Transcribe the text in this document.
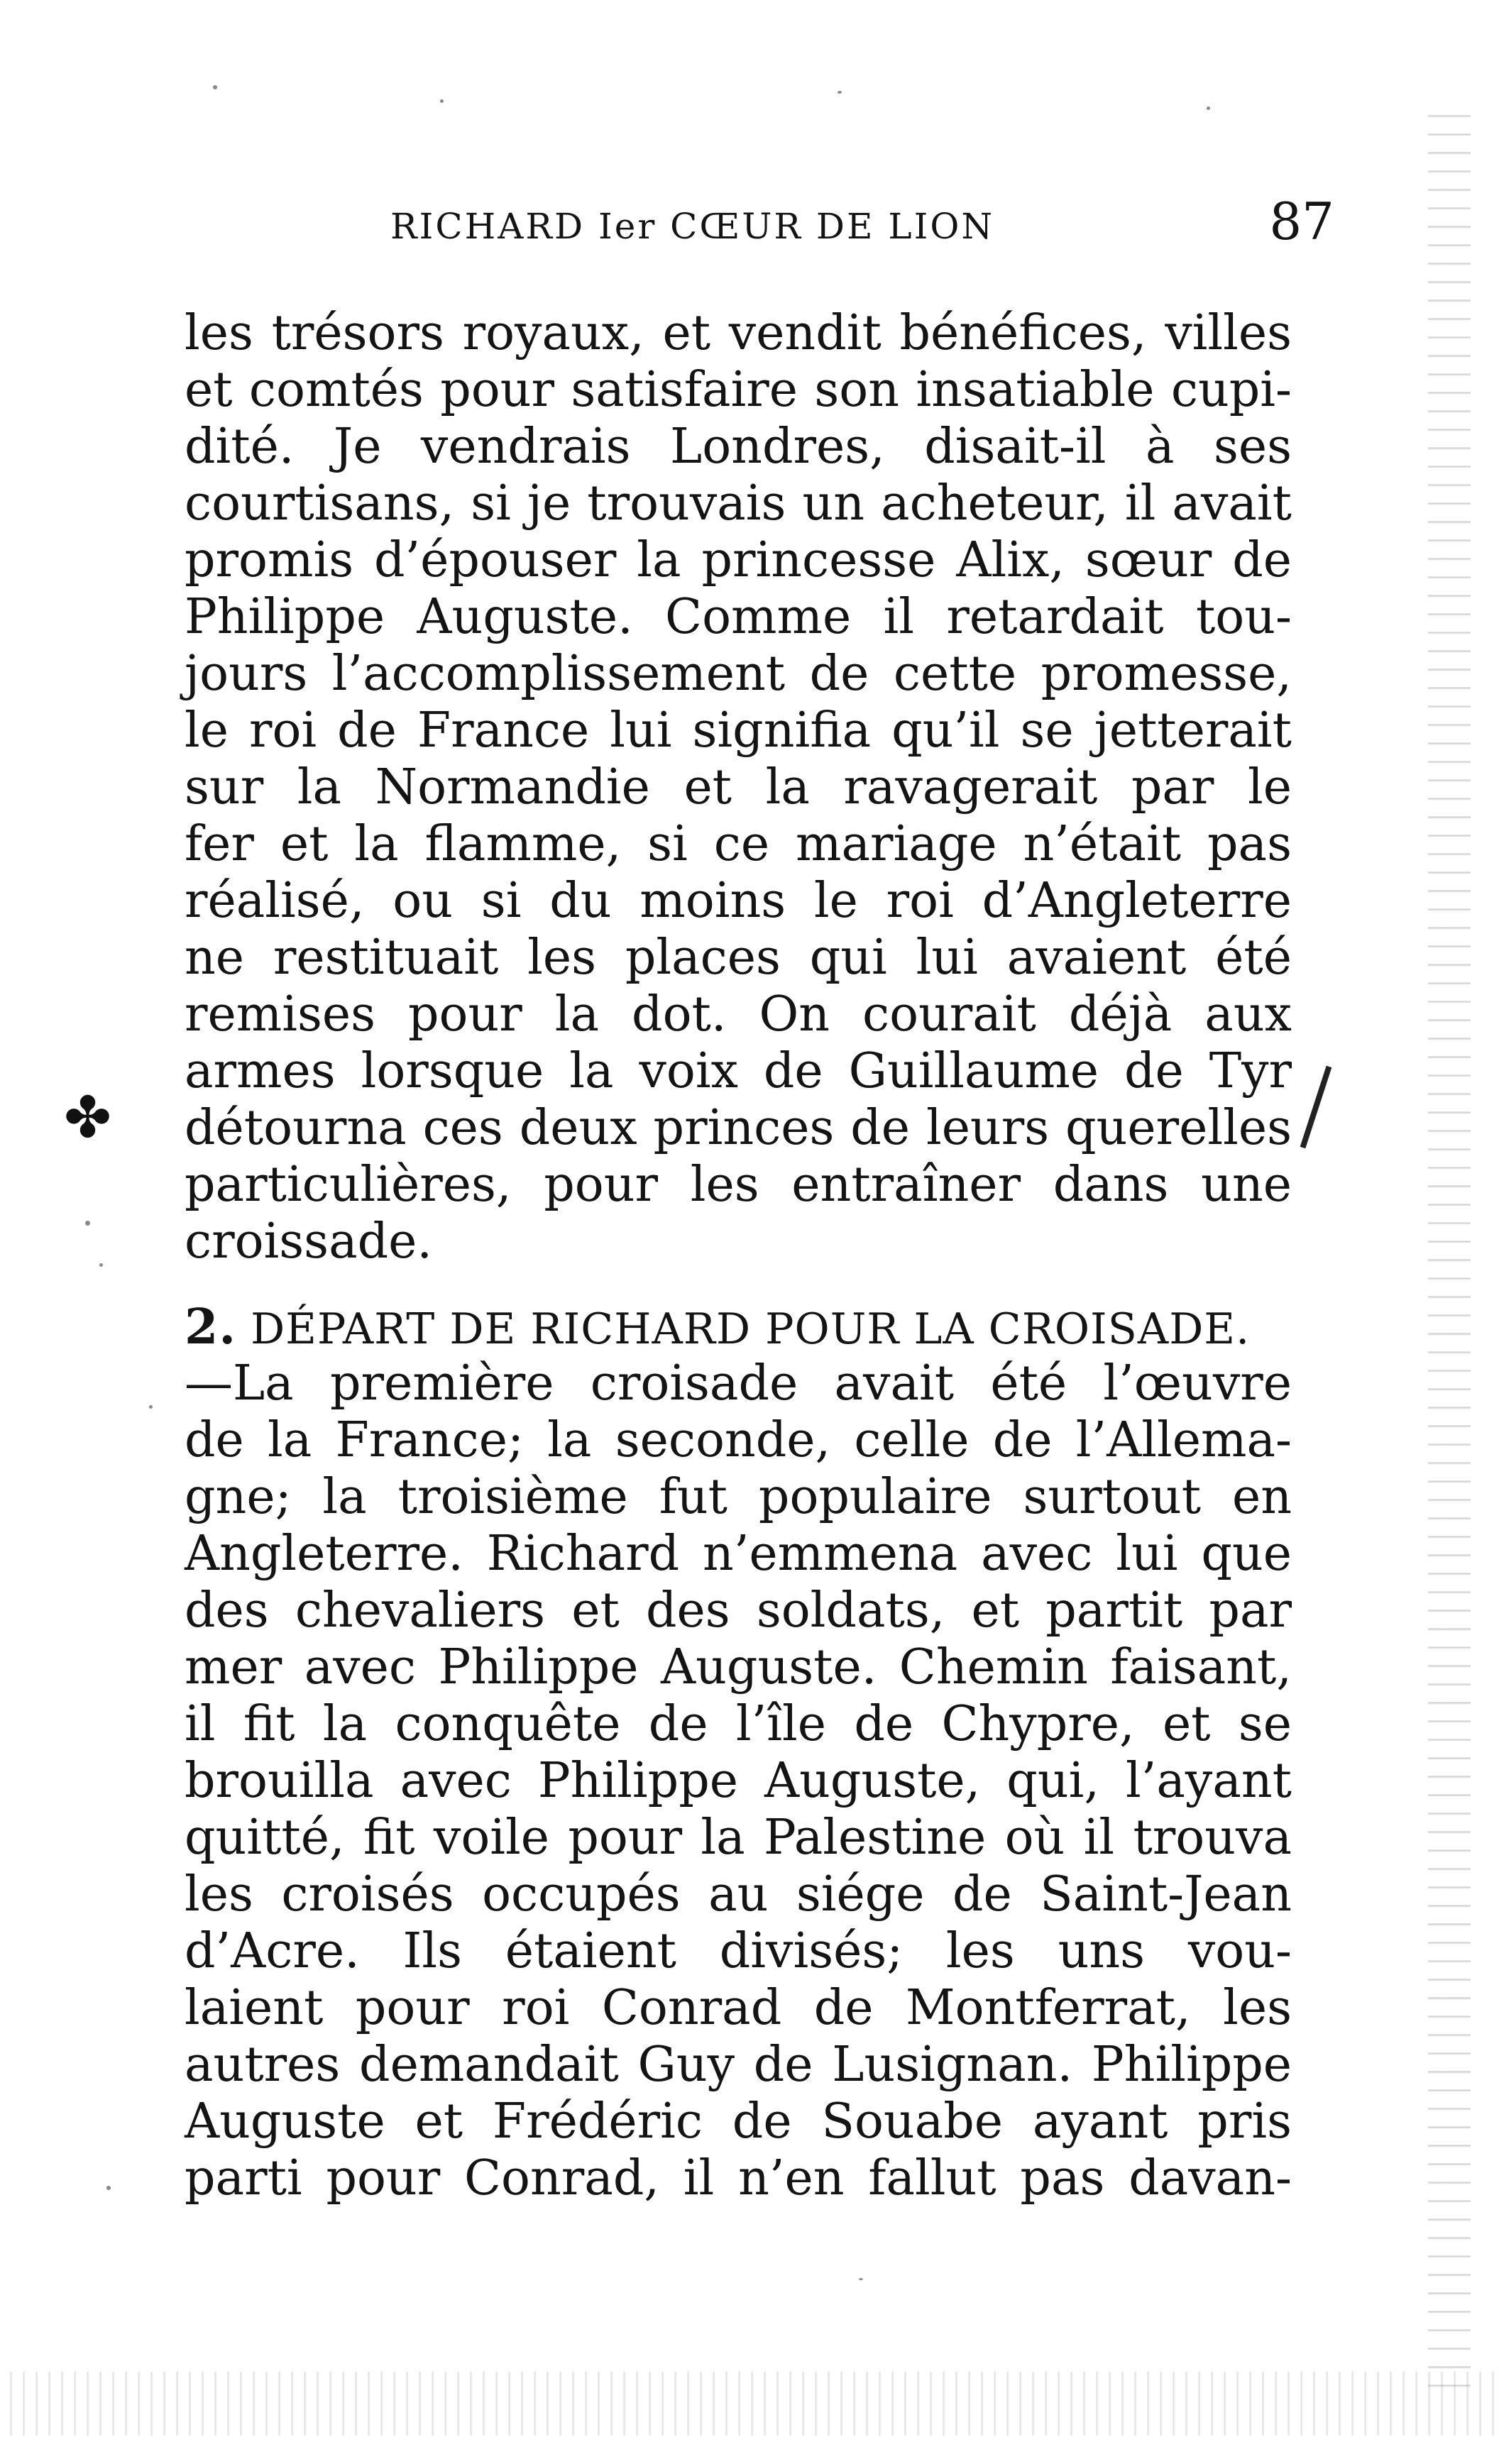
RICHARD Ier CŒUR DE LION	87
✤
les trésors royaux, et vendit bénéfices, villes
et comtés pour satisfaire son insatiable cupi-
dité. Je vendrais Londres, disait-il à ses
courtisans, si je trouvais un acheteur, il avait
promis d’épouser la princesse Alix, sœur de
Philippe Auguste. Comme il retardait tou-
jours l’accomplissement de cette promesse,
le roi de France lui signifia qu’il se jetterait
sur la Normandie et la ravagerait par le
fer et la flamme, si ce mariage n’était pas
réalisé, ou si du moins le roi d’Angleterre
ne restituait les places qui lui avaient été
remises pour la dot. On courait déjà aux
armes lorsque la voix de Guillaume de Tyr
détourna ces deux princes de leurs querelles
particulières, pour les entraîner dans une
croissade.
2. DÉPART DE RICHARD POUR LA CROISADE.
—La première croisade avait été l’œuvre
de la France; la seconde, celle de l’Allema-
gne; la troisième fut populaire surtout en
Angleterre. Richard n’emmena avec lui que
des chevaliers et des soldats, et partit par
mer avec Philippe Auguste. Chemin faisant,
il fit la conquête de l’île de Chypre, et se
brouilla avec Philippe Auguste, qui, l’ayant
quitté, fit voile pour la Palestine où il trouva
les croisés occupés au siége de Saint-Jean
d’Acre. Ils étaient divisés; les uns vou-
laient pour roi Conrad de Montferrat, les
autres demandait Guy de Lusignan. Philippe
Auguste et Frédéric de Souabe ayant pris
parti pour Conrad, il n’en fallut pas davan-
